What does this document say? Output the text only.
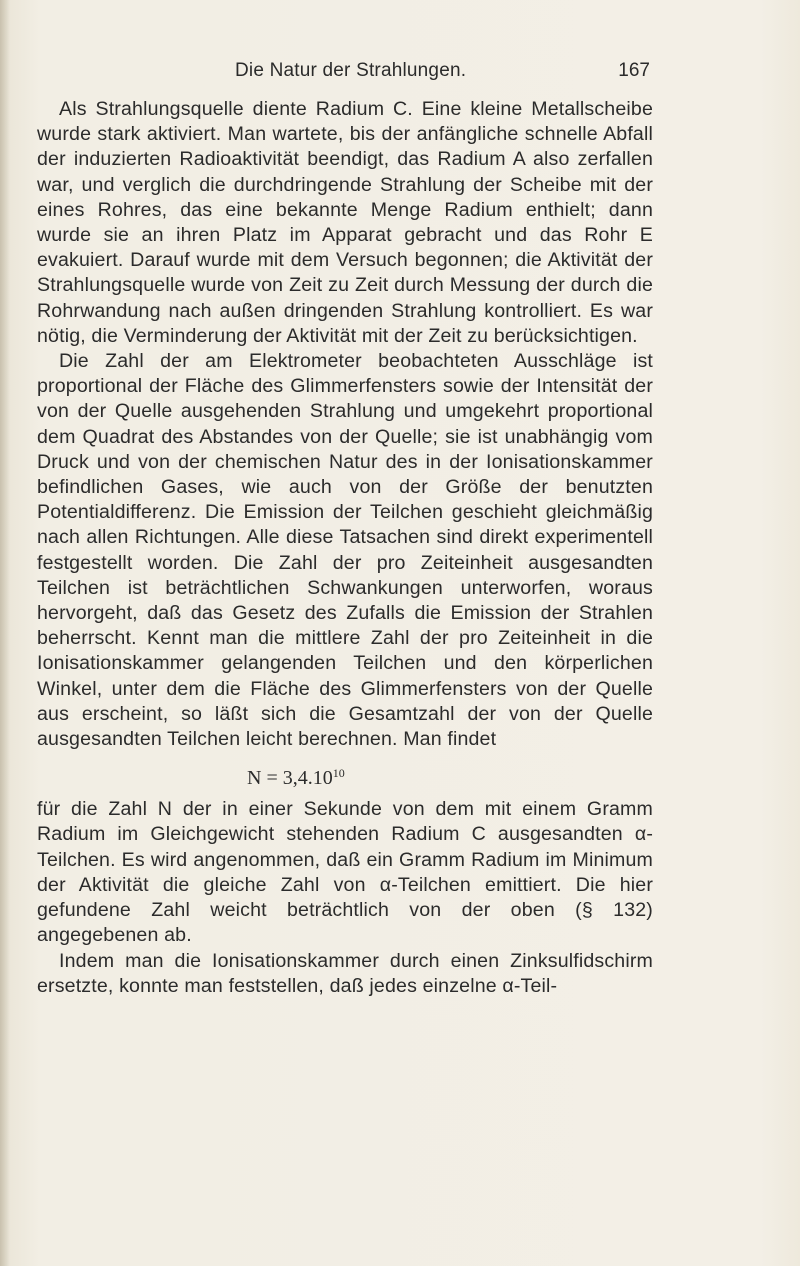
Die Natur der Strahlungen.	167

Als Strahlungsquelle diente Radium C. Eine kleine Metallscheibe wurde stark aktiviert. Man wartete, bis der anfängliche schnelle Abfall der induzierten Radioaktivität beendigt, das Radium A also zerfallen war, und verglich die durchdringende Strahlung der Scheibe mit der eines Rohres, das eine bekannte Menge Radium enthielt; dann wurde sie an ihren Platz im Apparat gebracht und das Rohr E evakuiert. Darauf wurde mit dem Versuch begonnen; die Aktivität der Strahlungsquelle wurde von Zeit zu Zeit durch Messung der durch die Rohrwandung nach außen dringenden Strahlung kontrolliert. Es war nötig, die Verminderung der Aktivität mit der Zeit zu berücksichtigen.

Die Zahl der am Elektrometer beobachteten Ausschläge ist proportional der Fläche des Glimmerfensters sowie der Intensität der von der Quelle ausgehenden Strahlung und umgekehrt proportional dem Quadrat des Abstandes von der Quelle; sie ist unabhängig vom Druck und von der chemischen Natur des in der Ionisationskammer befindlichen Gases, wie auch von der Größe der benutzten Potentialdifferenz. Die Emission der Teilchen geschieht gleichmäßig nach allen Richtungen. Alle diese Tatsachen sind direkt experimentell festgestellt worden. Die Zahl der pro Zeiteinheit ausgesandten Teilchen ist beträchtlichen Schwankungen unterworfen, woraus hervorgeht, daß das Gesetz des Zufalls die Emission der Strahlen beherrscht. Kennt man die mittlere Zahl der pro Zeiteinheit in die Ionisationskammer gelangenden Teilchen und den körperlichen Winkel, unter dem die Fläche des Glimmerfensters von der Quelle aus erscheint, so läßt sich die Gesamtzahl der von der Quelle ausgesandten Teilchen leicht berechnen. Man findet

$N = 3,4.10^{10}$

für die Zahl N der in einer Sekunde von dem mit einem Gramm Radium im Gleichgewicht stehenden Radium C ausgesandten α-Teilchen. Es wird angenommen, daß ein Gramm Radium im Minimum der Aktivität die gleiche Zahl von α-Teilchen emittiert. Die hier gefundene Zahl weicht beträchtlich von der oben (§ 132) angegebenen ab.

Indem man die Ionisationskammer durch einen Zinksulfidschirm ersetzte, konnte man feststellen, daß jedes einzelne α-Teil-
